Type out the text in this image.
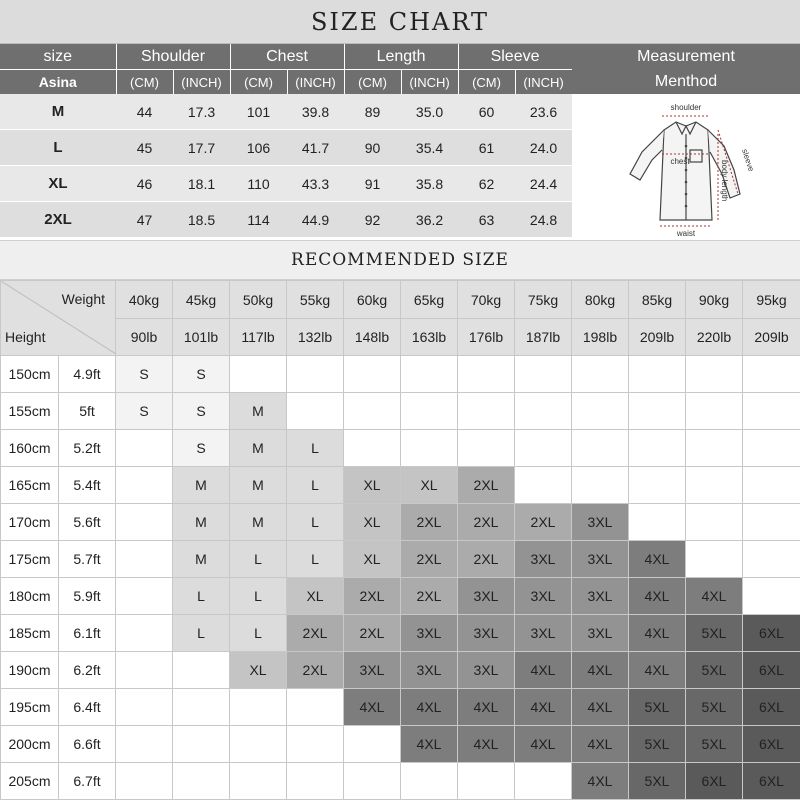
SIZE CHART
size	Shoulder		Chest		Length		Sleeve	
Asina	(CM)	(INCH)	(CM)	(INCH)	(CM)	(INCH)	(CM)	(INCH)
M	44	17.3	101	39.8	89	35.0	60	23.6
L	45	17.7	106	41.7	90	35.4	61	24.0
XL	46	18.1	110	43.3	91	35.8	62	24.4
2XL	47	18.5	114	44.9	92	36.2	63	24.8
Measurement
Menthod
shoulder
chest	sleeve
body length
waist
RECOMMENDED SIZE
Weight
Height		40kg	45kg	50kg	55kg	60kg	65kg	70kg	75kg	80kg	85kg	90kg	95kg
		90lb	101lb	117lb	132lb	148lb	163lb	176lb	187lb	198lb	209lb	220lb	209lb
150cm	4.9ft	S	S										
155cm	5ft	S	S	M									
160cm	5.2ft		S	M	L								
165cm	5.4ft		M	M	L	XL	XL	2XL					
170cm	5.6ft		M	M	L	XL	2XL	2XL	2XL	3XL			
175cm	5.7ft		M	L	L	XL	2XL	2XL	3XL	3XL	4XL		
180cm	5.9ft		L	L	XL	2XL	2XL	3XL	3XL	3XL	4XL	4XL	
185cm	6.1ft		L	L	2XL	2XL	3XL	3XL	3XL	3XL	4XL	5XL	6XL
190cm	6.2ft			XL	2XL	3XL	3XL	3XL	4XL	4XL	4XL	5XL	6XL
195cm	6.4ft					4XL	4XL	4XL	4XL	4XL	5XL	5XL	6XL
200cm	6.6ft						4XL	4XL	4XL	4XL	5XL	5XL	6XL
205cm	6.7ft									4XL	5XL	6XL	6XL
